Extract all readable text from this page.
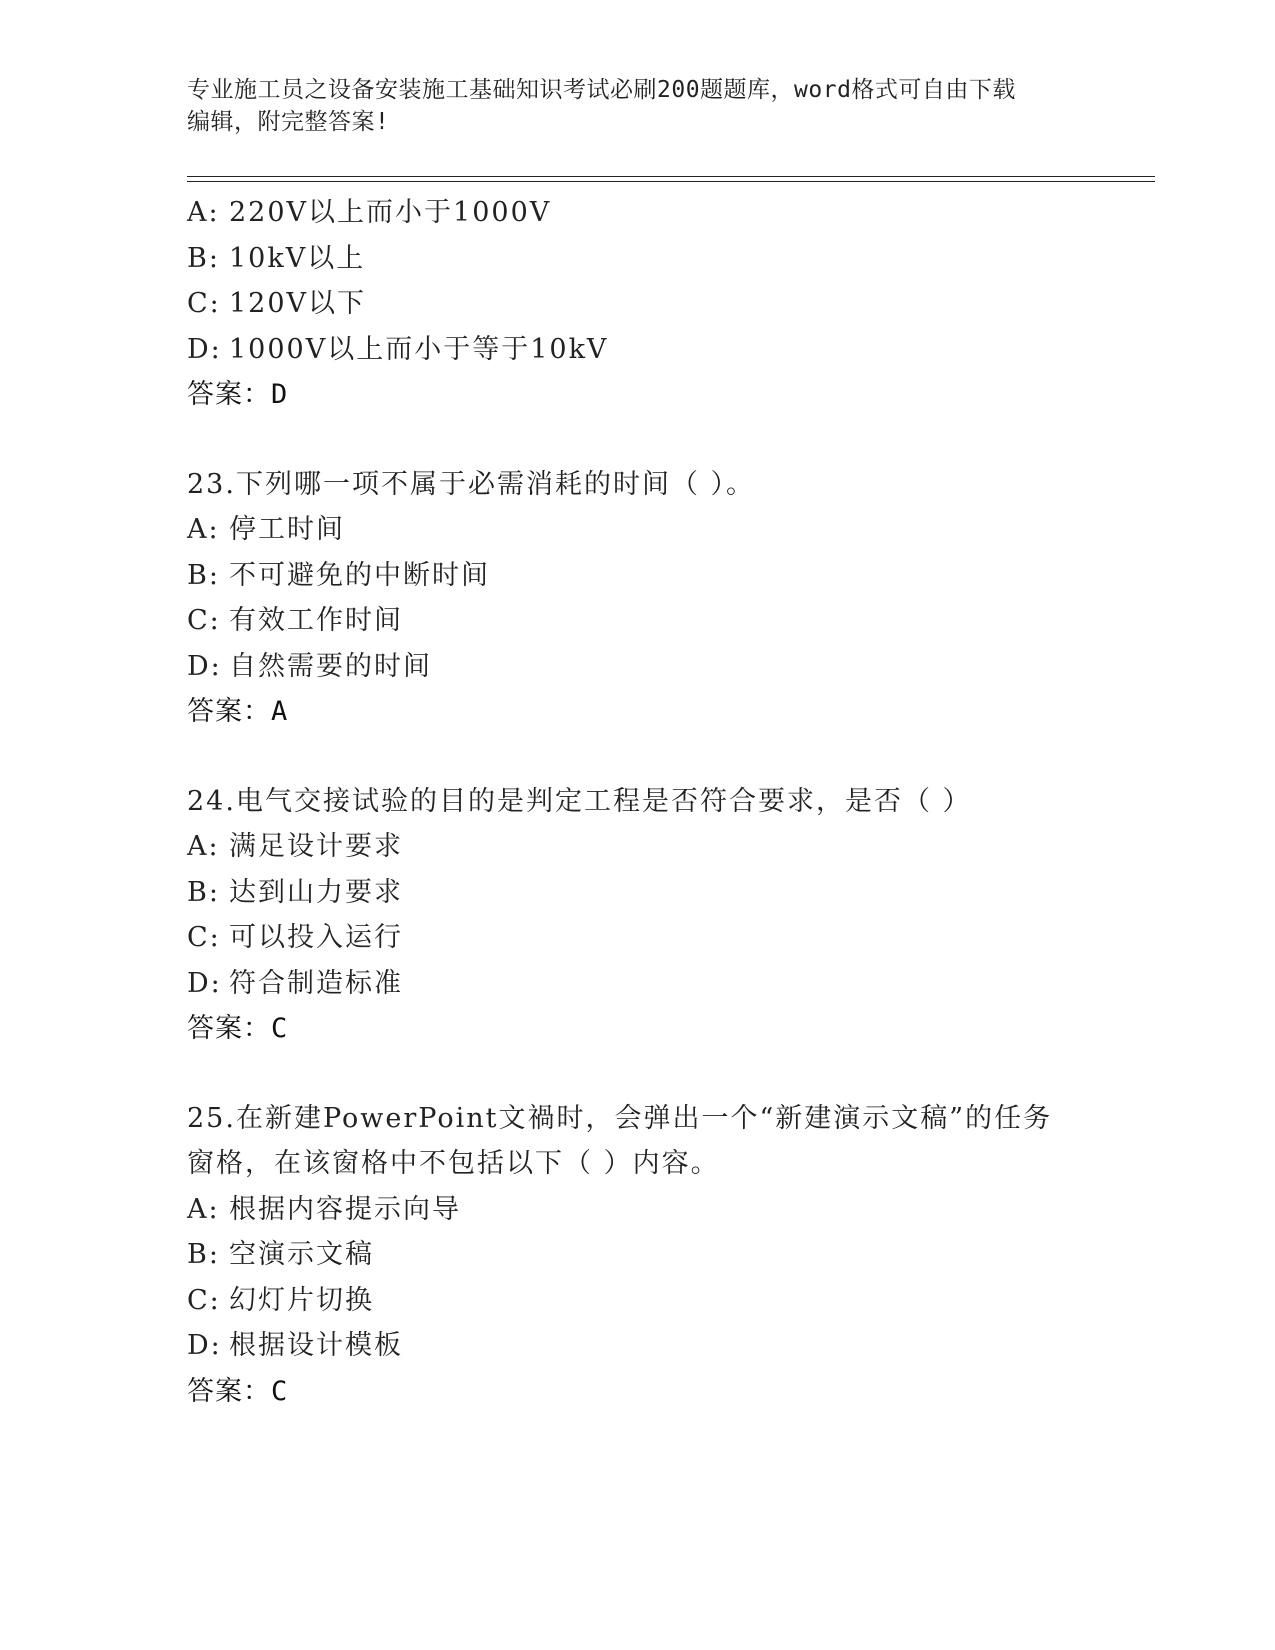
专业施工员之设备安装施工基础知识考试必刷200题题库，word格式可自由下载
编辑，附完整答案!
A: 220V以上而小于1000V
B: 10kV以上
C: 120V以下
D: 1000V以上而小于等于10kV
答案：D
23.下列哪一项不属于必需消耗的时间（ ）。
A: 停工时间
B: 不可避免的中断时间
C: 有效工作时间
D: 自然需要的时间
答案：A
24.电气交接试验的目的是判定工程是否符合要求，是否（ ）
A: 满足设计要求
B: 达到山力要求
C: 可以投入运行
D: 符合制造标准
答案：C
25.在新建PowerPoint文禍时，会弹出一个“新建演示文稿”的任务窗格，在该窗格中不包括以下（ ）内容。
A: 根据内容提示向导
B: 空演示文稿
C: 幻灯片切换
D: 根据设计模板
答案：C
